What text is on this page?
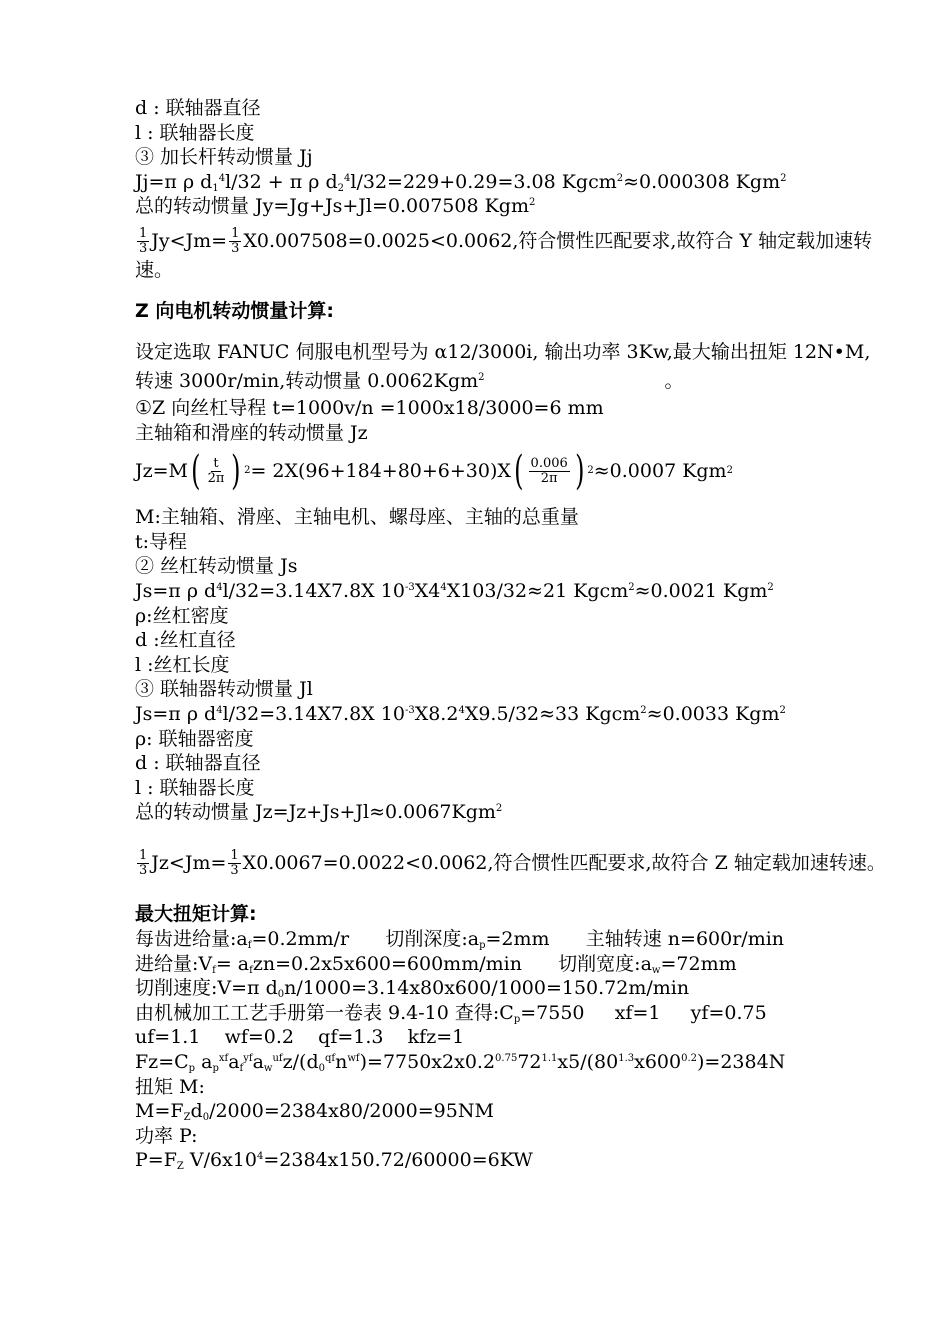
d : 联轴器直径
l : 联轴器长度
③ 加长杆转动惯量 Jj
Jj=π ρ $d_1^4l/32 + \pi$ ρ $d_2^4l/32=229+0.29=3.08$ Kgcm$^2$≈0.000308 Kgm$^2$
总的转动惯量 Jy=Jg+Js+Jl=0.007508 Kgm$^2$
$\frac{1}{3} Jy<Jm= \frac{1}{3} X0.007508=0.0025<0.0062$,符合惯性匹配要求,故符合 Y 轴定载加速转速。
Z 向电机转动惯量计算:
设定选取 FANUC 伺服电机型号为 α12/3000i, 输出功率 3Kw,最大输出扭矩 12N•M, 转速 3000r/min,转动惯量 0.0062Kgm$^2$	。
①Z 向丝杠导程 t=1000v/n =1000x18/3000=6 mm
主轴箱和滑座的转动惯量 Jz
Jz=M ( $\frac{t}{2\pi}$ ) 2 = 2X(96+184+80+6+30)X ( $\frac{0.006}{2\pi}$ ) 2 ≈0.0007 Kgm 2
M:主轴箱、滑座、主轴电机、螺母座、主轴的总重量
t:导程
② 丝杠转动惯量 Js
Js=π ρ $d^4l/32=3.14X7.8X$ $10^{-3}X4^4X103/32\approx 21$ Kgcm$^2$≈0.0021 Kgm$^2$
ρ:丝杠密度
d :丝杠直径
l :丝杠长度
③ 联轴器转动惯量 Jl
Js=π ρ $d^4l/32=3.14X7.8X$ $10^{-3}X8.2^4X9.5/32\approx 33$ Kgcm$^2$≈0.0033 Kgm$^2$
ρ: 联轴器密度
d : 联轴器直径
l : 联轴器长度
总的转动惯量 Jz=Jz+Js+Jl≈0.0067Kgm$^2$
$\frac{1}{3} Jz<Jm= \frac{1}{3} X0.0067=0.0022<0.0062$,符合惯性匹配要求,故符合 Z 轴定载加速转速。
最大扭矩计算:
每齿进给量$:a_f=0.2mm/r$      切削深度$:a_p=2mm$      主轴转速 n=600r/min
进给量$:V_f= a_fzn=0.2x5x600=600mm/\min$      切削宽度$:a_w=72mm$
切削速度:V=π $d_0n/1000=3.14x80x600/1000=150.72m/\min$
由机械加工工艺手册第一卷表 9.4-10 查得$:C_p=7550$     xf=1     yf=0.75
uf=1.1    wf=0.2    qf=1.3    kfz=1
$Fz=C_p$ $a_p^{xf}a_f^{yf}a_w^{uf}z/(d_0^{qf}n^{wf})=7750x2x0.2^{0.75}72^{1.1}x5/(80^{1.3}x600^{0.2})=2384N$
扭矩 M:
$M=F_Zd_0/2000=2384x80/2000=95NM$
功率 P:
$P=F_Z$ $V/6x10^4=2384x150.72/60000=6KW$
